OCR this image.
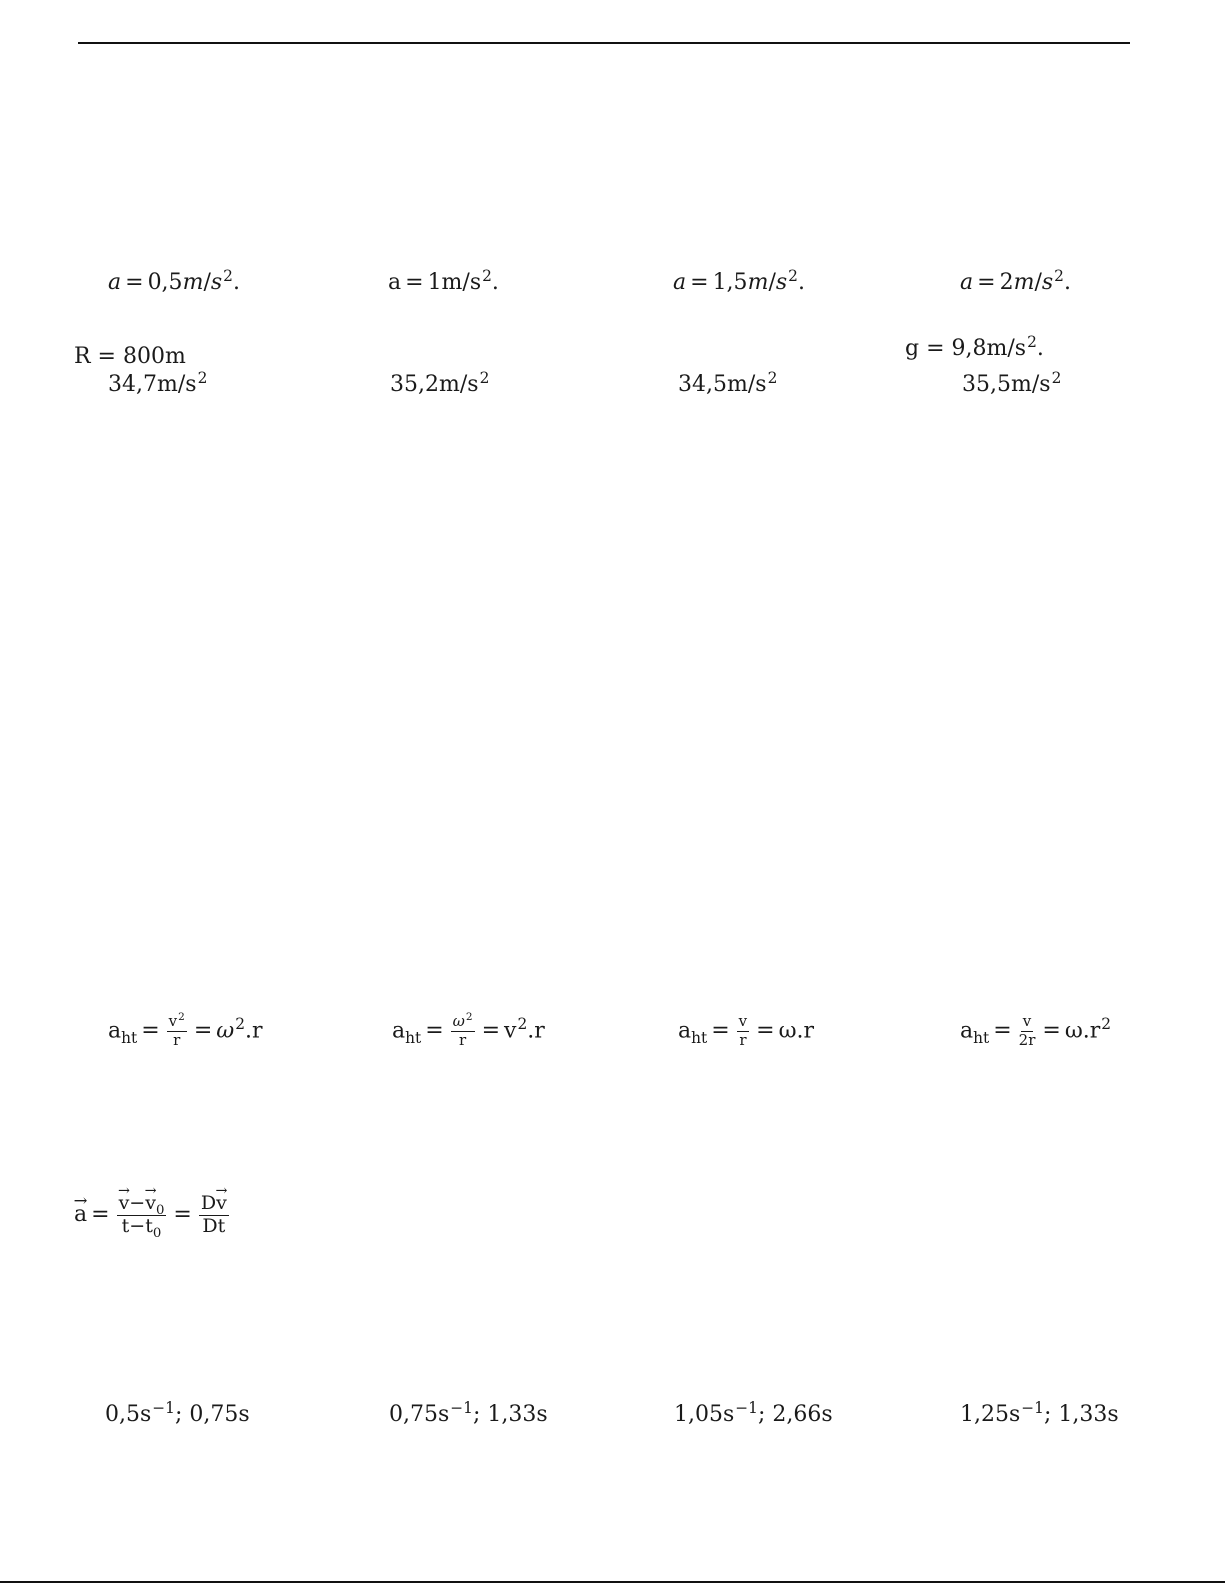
$a = 0,5m/s^2$.	$a = 1m/s^2$.	$a = 1,5m/s^2$.	$a = 2m/s^2$.
R = 800m	$g = 9,8m/s^2$.
$34,7m/s^2$	$35,2m/s^2$	$34,5m/s^2$	$35,5m/s^2$
$a_{ht} = \frac{v^2}{r} = \omega^2.r$	$a_{ht} = \frac{\omega^2}{r} = v^2.r$	$a_{ht} = \frac{v}{r} = \omega.r$	$a_{ht} = \frac{v}{2r} = \omega.r^2$
→ a =
→ $\frac{v-\to v_0}{t-t_0} = \frac{D\to v}{Dt}$
$0,5s^{-1}$; 0,75s	$0,75s^{-1}$; 1,33s	$1,05s^{-1}$; 2,66s	$1,25s^{-1}$; 1,33s
